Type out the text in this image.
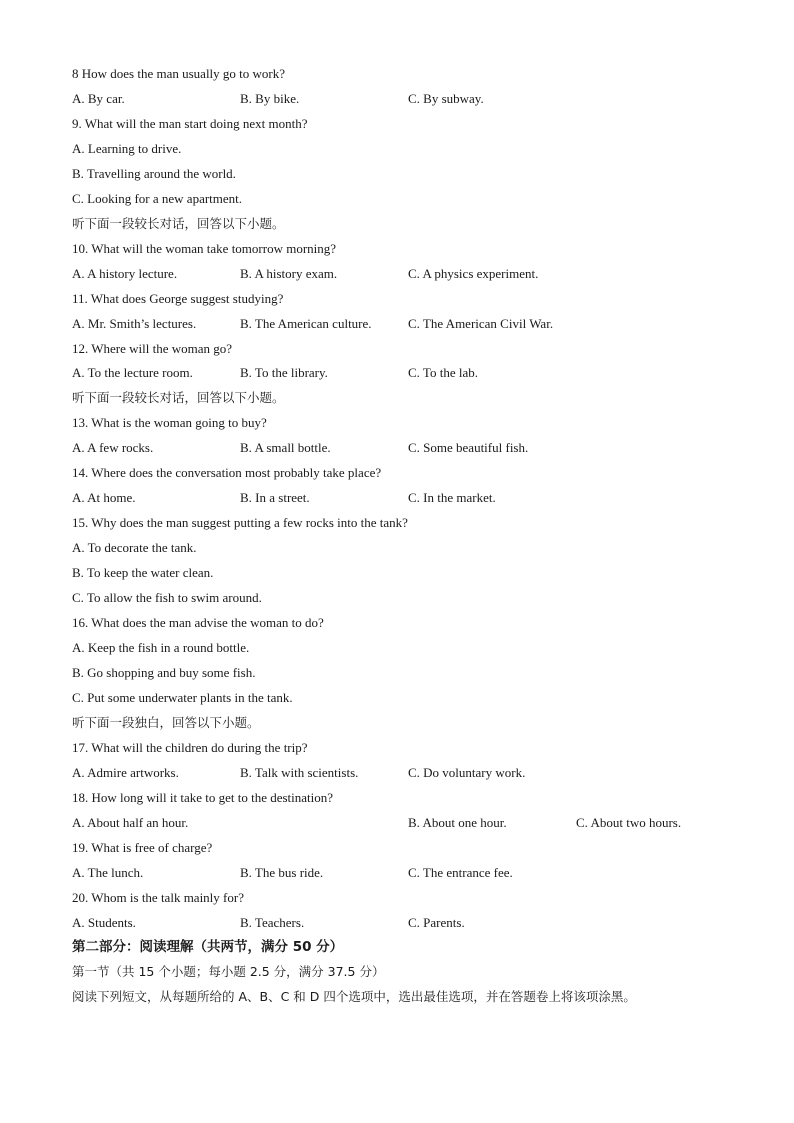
8 How does the man usually go to work?
A. By car.	B. By bike.	C. By subway.
9. What will the man start doing next month?
A. Learning to drive.
B. Travelling around the world.
C. Looking for a new apartment.
听下面一段较长对话，回答以下小题。
10. What will the woman take tomorrow morning?
A. A history lecture.	B. A history exam.	C. A physics experiment.
11. What does George suggest studying?
A. Mr. Smith’s lectures.	B. The American culture.	C. The American Civil War.
12. Where will the woman go?
A. To the lecture room.	B. To the library.	C. To the lab.
听下面一段较长对话，回答以下小题。
13. What is the woman going to buy?
A. A few rocks.	B. A small bottle.	C. Some beautiful fish.
14. Where does the conversation most probably take place?
A. At home.	B. In a street.	C. In the market.
15. Why does the man suggest putting a few rocks into the tank?
A. To decorate the tank.
B. To keep the water clean.
C. To allow the fish to swim around.
16. What does the man advise the woman to do?
A. Keep the fish in a round bottle.
B. Go shopping and buy some fish.
C. Put some underwater plants in the tank.
听下面一段独白，回答以下小题。
17. What will the children do during the trip?
A. Admire artworks.	B. Talk with scientists.	C. Do voluntary work.
18. How long will it take to get to the destination?
A. About half an hour.	B. About one hour.	C. About two hours.
19. What is free of charge?
A. The lunch.	B. The bus ride.	C. The entrance fee.
20. Whom is the talk mainly for?
A. Students.	B. Teachers.	C. Parents.
第二部分：阅读理解（共两节，满分 50 分）
第一节（共 15 个小题；每小题 2.5 分，满分 37.5 分）
阅读下列短文，从每题所给的 A、B、C 和 D 四个选项中，选出最佳选项，并在答题卷上将该项涂黑。
